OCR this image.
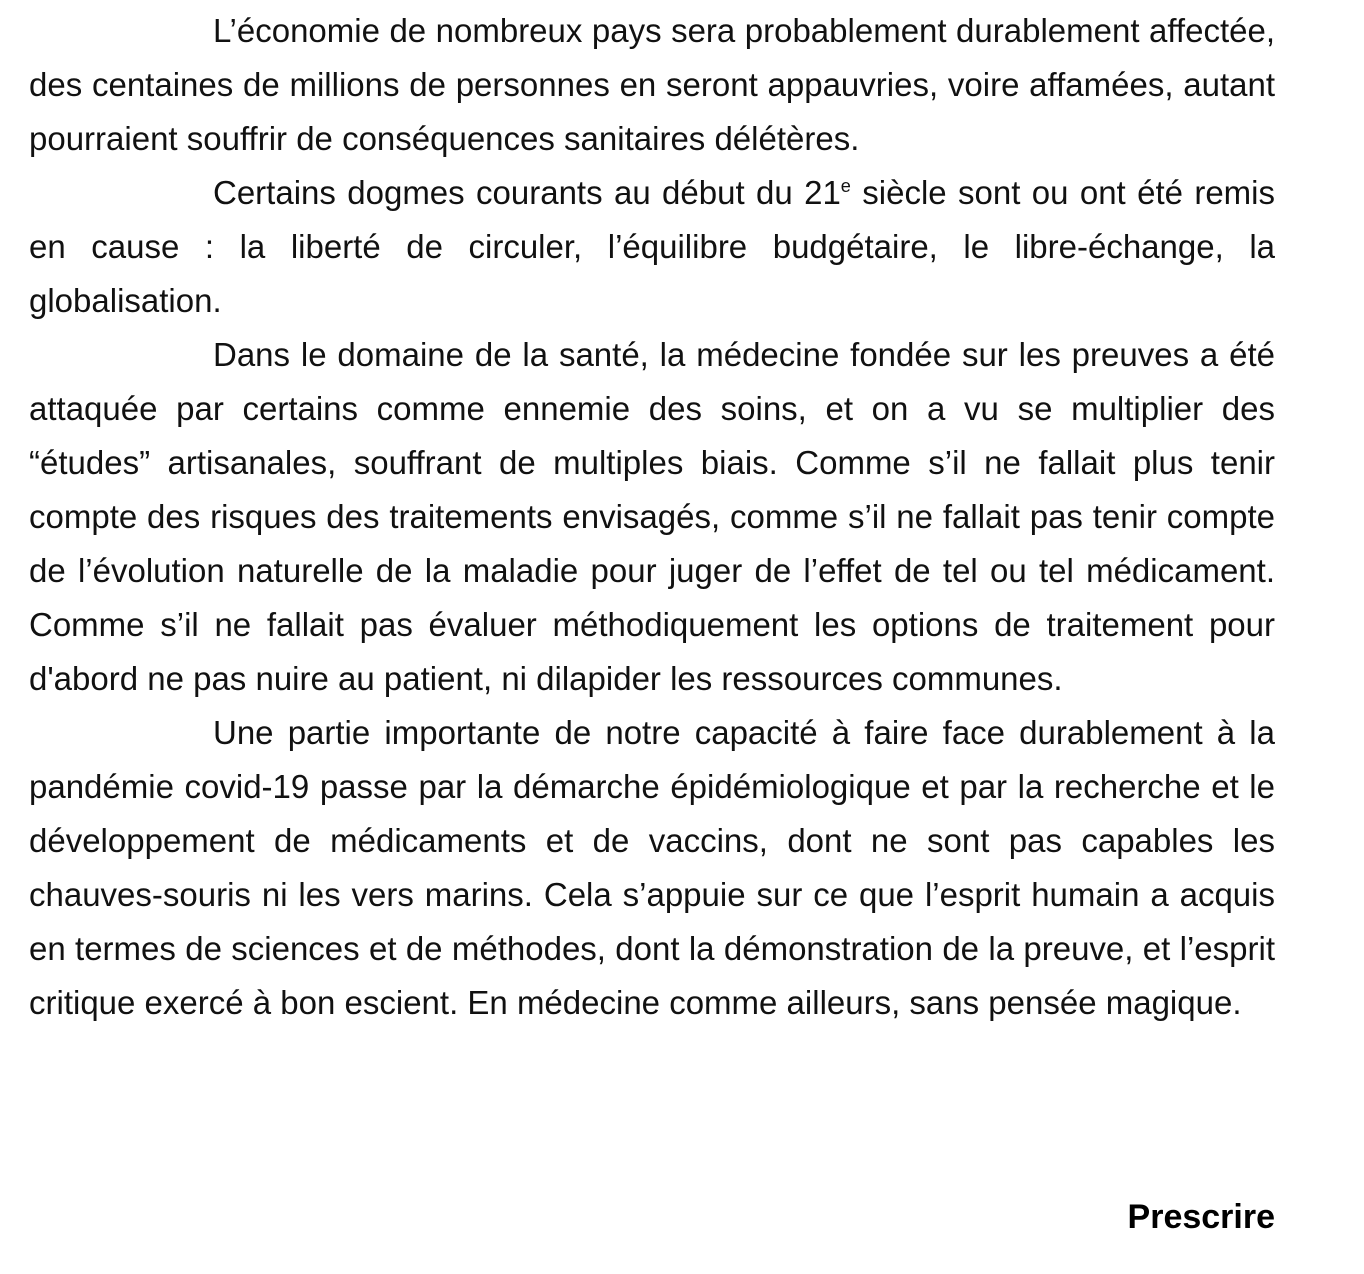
L’économie de nombreux pays sera probablement durablement affectée, des centaines de millions de personnes en seront appauvries, voire affamées, autant pourraient souffrir de conséquences sanitaires délétères.

Certains dogmes courants au début du 21e siècle sont ou ont été remis en cause : la liberté de circuler, l’équilibre budgétaire, le libre-échange, la globalisation.

Dans le domaine de la santé, la médecine fondée sur les preuves a été attaquée par certains comme ennemie des soins, et on a vu se multiplier des “études” artisanales, souffrant de multiples biais. Comme s’il ne fallait plus tenir compte des risques des traitements envisagés, comme s’il ne fallait pas tenir compte de l’évolution naturelle de la maladie pour juger de l’effet de tel ou tel médicament. Comme s’il ne fallait pas évaluer méthodiquement les options de traitement pour d'abord ne pas nuire au patient, ni dilapider les ressources communes.

Une partie importante de notre capacité à faire face durablement à la pandémie covid-19 passe par la démarche épidémiologique et par la recherche et le développement de médicaments et de vaccins, dont ne sont pas capables les chauves-souris ni les vers marins. Cela s’appuie sur ce que l’esprit humain a acquis en termes de sciences et de méthodes, dont la démonstration de la preuve, et l’esprit critique exercé à bon escient. En médecine comme ailleurs, sans pensée magique.

Prescrire
